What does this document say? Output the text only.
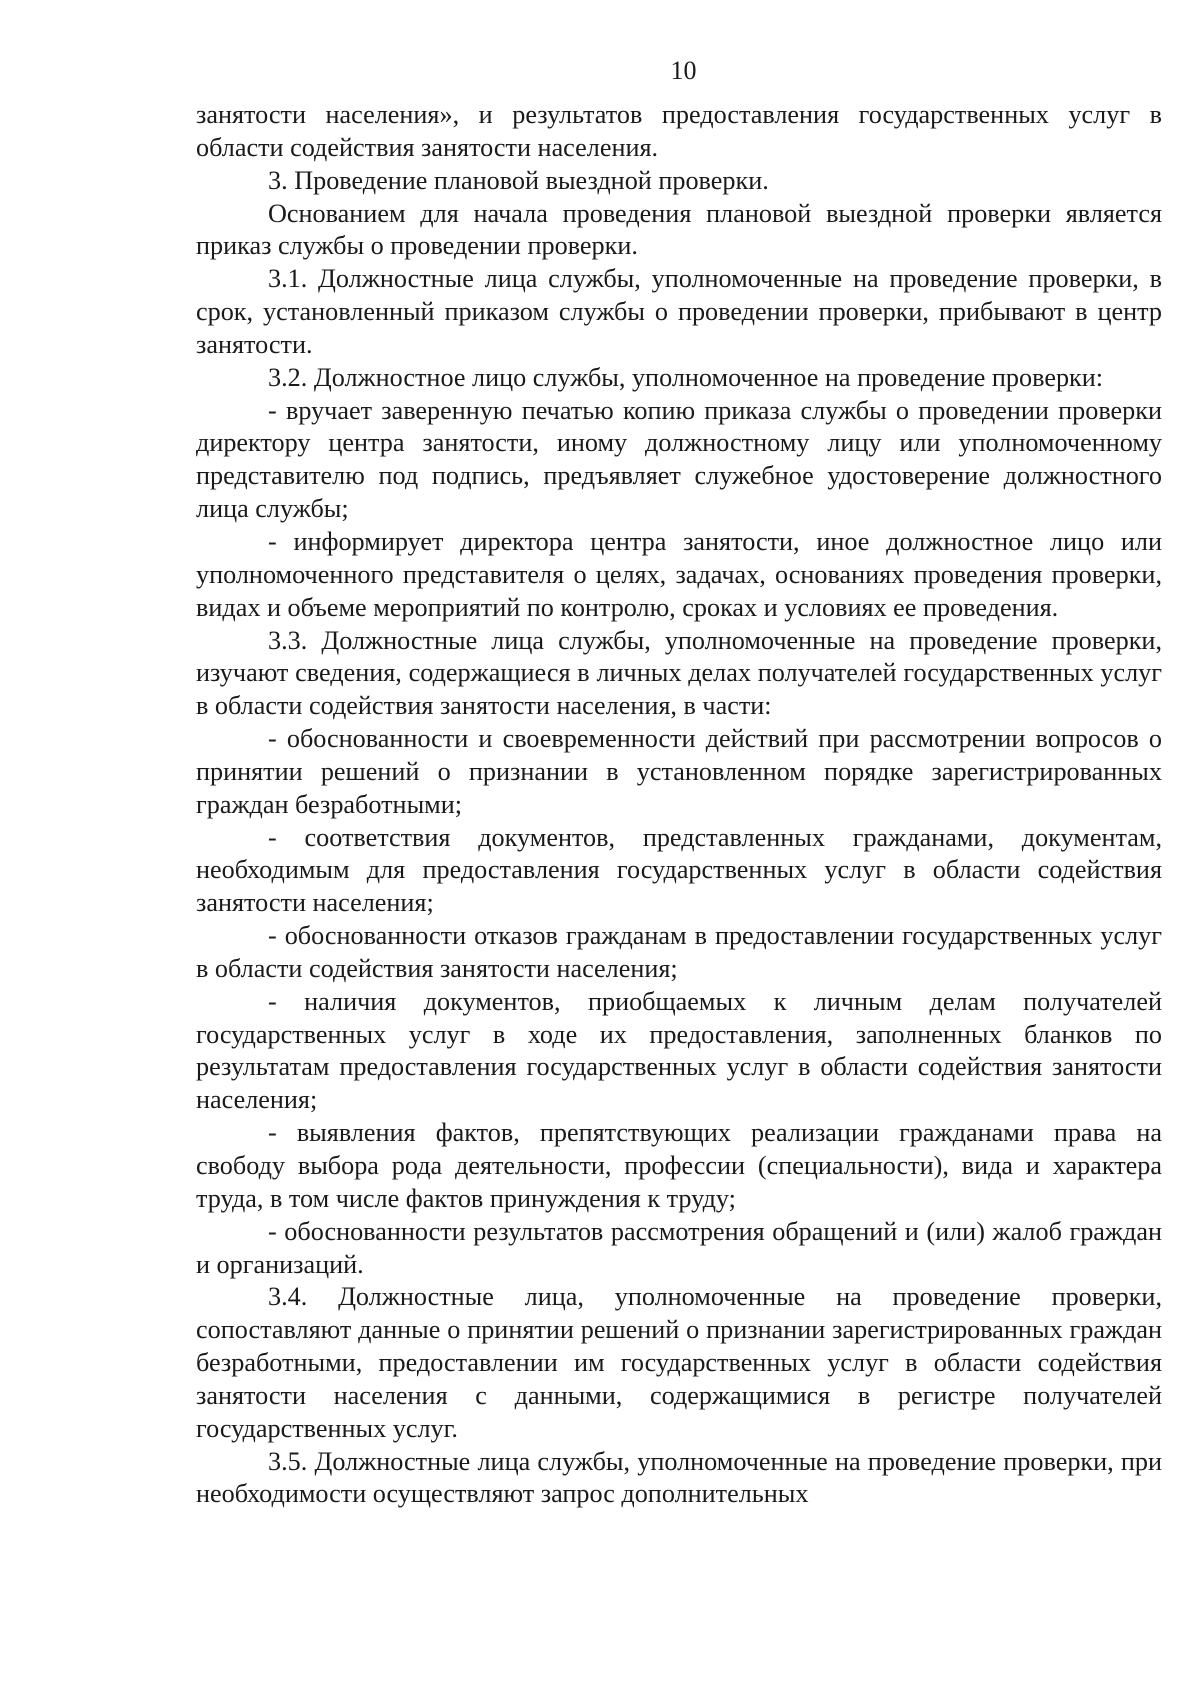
10

занятости населения», и результатов предоставления государственных услуг в области содействия занятости населения.

3. Проведение плановой выездной проверки.

Основанием для начала проведения плановой выездной проверки является приказ службы о проведении проверки.

3.1. Должностные лица службы, уполномоченные на проведение проверки, в срок, установленный приказом службы о проведении проверки, прибывают в центр занятости.

3.2. Должностное лицо службы, уполномоченное на проведение проверки:

- вручает заверенную печатью копию приказа службы о проведении проверки директору центра занятости, иному должностному лицу или уполномоченному представителю под подпись, предъявляет служебное удостоверение должностного лица службы;

- информирует директора центра занятости, иное должностное лицо или уполномоченного представителя о целях, задачах, основаниях проведения проверки, видах и объеме мероприятий по контролю, сроках и условиях ее проведения.

3.3. Должностные лица службы, уполномоченные на проведение проверки, изучают сведения, содержащиеся в личных делах получателей государственных услуг в области содействия занятости населения, в части:

- обоснованности и своевременности действий при рассмотрении вопросов о принятии решений о признании в установленном порядке зарегистрированных граждан безработными;

- соответствия документов, представленных гражданами, документам, необходимым для предоставления государственных услуг в области содействия занятости населения;

- обоснованности отказов гражданам в предоставлении государственных услуг в области содействия занятости населения;

- наличия документов, приобщаемых к личным делам получателей государственных услуг в ходе их предоставления, заполненных бланков по результатам предоставления государственных услуг в области содействия занятости населения;

- выявления фактов, препятствующих реализации гражданами права на свободу выбора рода деятельности, профессии (специальности), вида и характера труда, в том числе фактов принуждения к труду;

- обоснованности результатов рассмотрения обращений и (или) жалоб граждан и организаций.

3.4. Должностные лица, уполномоченные на проведение проверки, сопоставляют данные о принятии решений о признании зарегистрированных граждан безработными, предоставлении им государственных услуг в области содействия занятости населения с данными, содержащимися в регистре получателей государственных услуг.

3.5. Должностные лица службы, уполномоченные на проведение проверки, при необходимости осуществляют запрос дополнительных
